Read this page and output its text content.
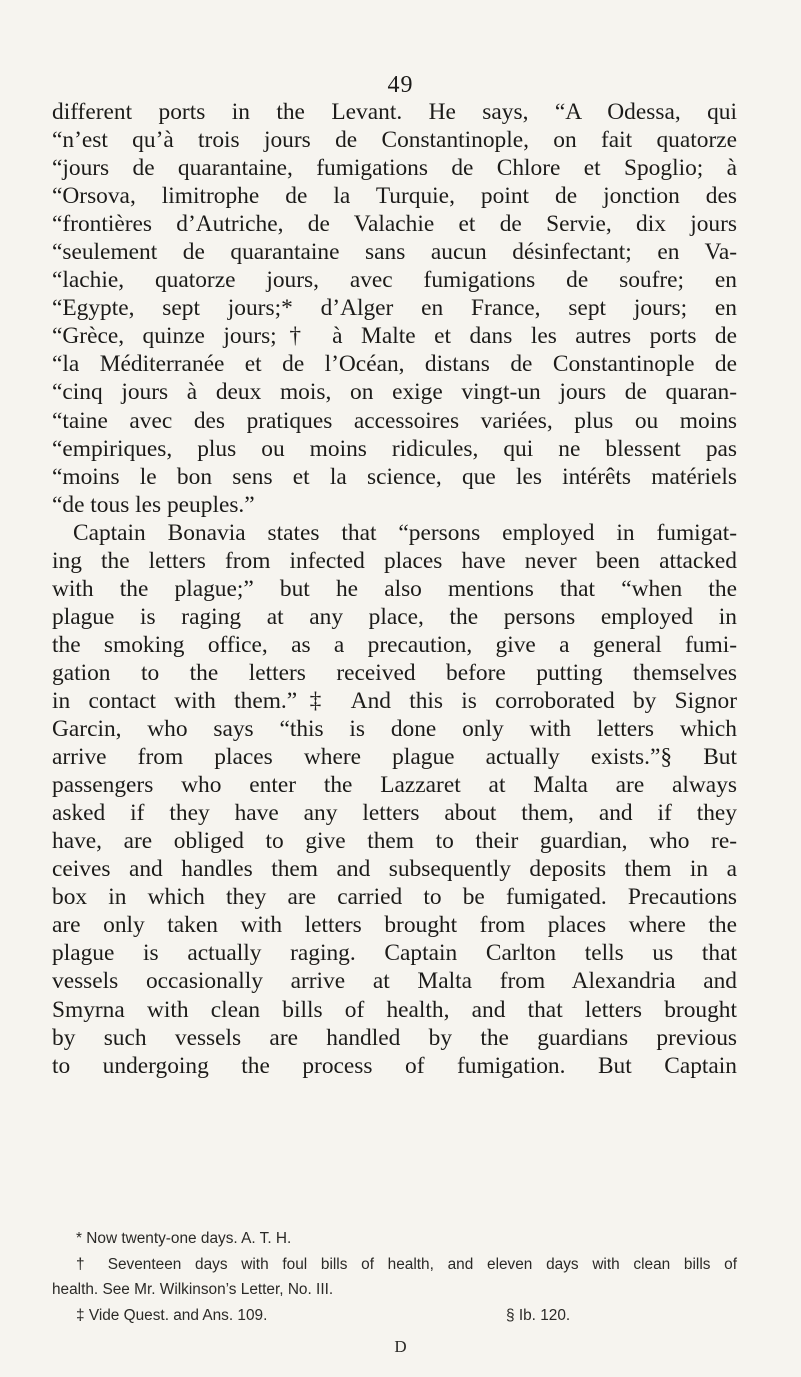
49
different ports in the Levant. He says, “A Odessa, qui
“n’est qu’à trois jours de Constantinople, on fait quatorze
“jours de quarantaine, fumigations de Chlore et Spoglio; à
“Orsova, limitrophe de la Turquie, point de jonction des
“frontières d’Autriche, de Valachie et de Servie, dix jours
“seulement de quarantaine sans aucun désinfectant; en Va-
“lachie, quatorze jours, avec fumigations de soufre; en
“Egypte, sept jours;* d’Alger en France, sept jours; en
“Grèce, quinze jours;† à Malte et dans les autres ports de
“la Méditerranée et de l’Océan, distans de Constantinople de
“cinq jours à deux mois, on exige vingt-un jours de quaran-
“taine avec des pratiques accessoires variées, plus ou moins
“empiriques, plus ou moins ridicules, qui ne blessent pas
“moins le bon sens et la science, que les intérêts matériels
“de tous les peuples.”
Captain Bonavia states that “persons employed in fumigat-
ing the letters from infected places have never been attacked
with the plague;” but he also mentions that “when the
plague is raging at any place, the persons employed in
the smoking office, as a precaution, give a general fumi-
gation to the letters received before putting themselves
in contact with them.”‡ And this is corroborated by Signor
Garcin, who says “this is done only with letters which
arrive from places where plague actually exists.”§ But
passengers who enter the Lazzaret at Malta are always
asked if they have any letters about them, and if they
have, are obliged to give them to their guardian, who re-
ceives and handles them and subsequently deposits them in a
box in which they are carried to be fumigated. Precautions
are only taken with letters brought from places where the
plague is actually raging. Captain Carlton tells us that
vessels occasionally arrive at Malta from Alexandria and
Smyrna with clean bills of health, and that letters brought
by such vessels are handled by the guardians previous
to undergoing the process of fumigation. But Captain
* Now twenty-one days. A. T. H.
† Seventeen days with foul bills of health, and eleven days with clean bills of
health. See Mr. Wilkinson’s Letter, No. III.
‡ Vide Quest. and Ans. 109.	§ Ib. 120.
D
